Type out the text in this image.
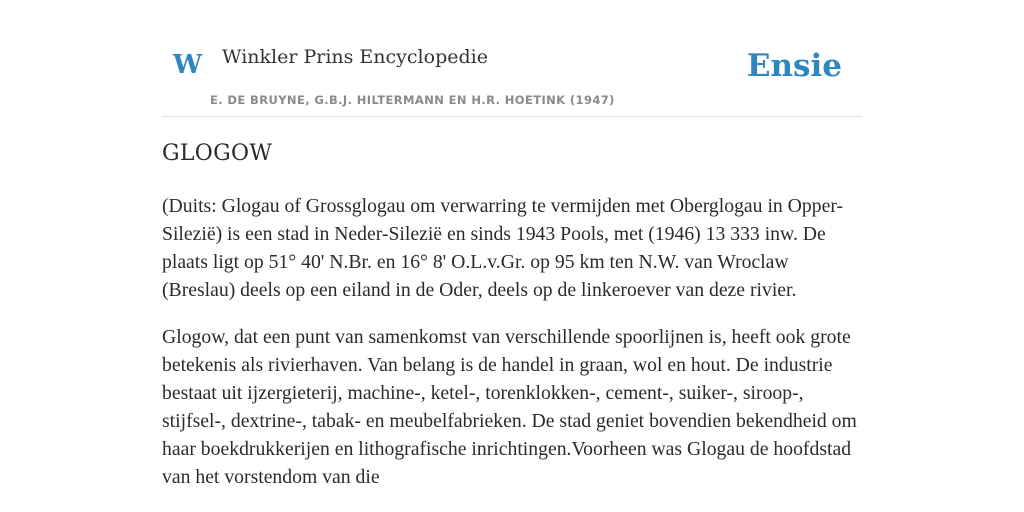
W Winkler Prins Encyclopedie
E. DE BRUYNE, G.B.J. HILTERMANN EN H.R. HOETINK (1947)
Ensie
GLOGOW

(Duits: Glogau of Grossglogau om verwarring te vermijden met Oberglogau in Opper-Silezië) is een stad in Neder-Silezië en sinds 1943 Pools, met (1946) 13 333 inw. De plaats ligt op 51° 40' N.Br. en 16° 8' O.L.v.Gr. op 95 km ten N.W. van Wroclaw (Breslau) deels op een eiland in de Oder, deels op de linkeroever van deze rivier.

Glogow, dat een punt van samenkomst van verschillende spoorlijnen is, heeft ook grote betekenis als rivierhaven. Van belang is de handel in graan, wol en hout. De industrie bestaat uit ijzergieterij, machine-, ketel-, torenklokken-, cement-, suiker-, siroop-, stijfsel-, dextrine-, tabak- en meubelfabrieken. De stad geniet bovendien bekendheid om haar boekdrukkerijen en lithografische inrichtingen.Voorheen was Glogau de hoofdstad van het vorstendom van die
